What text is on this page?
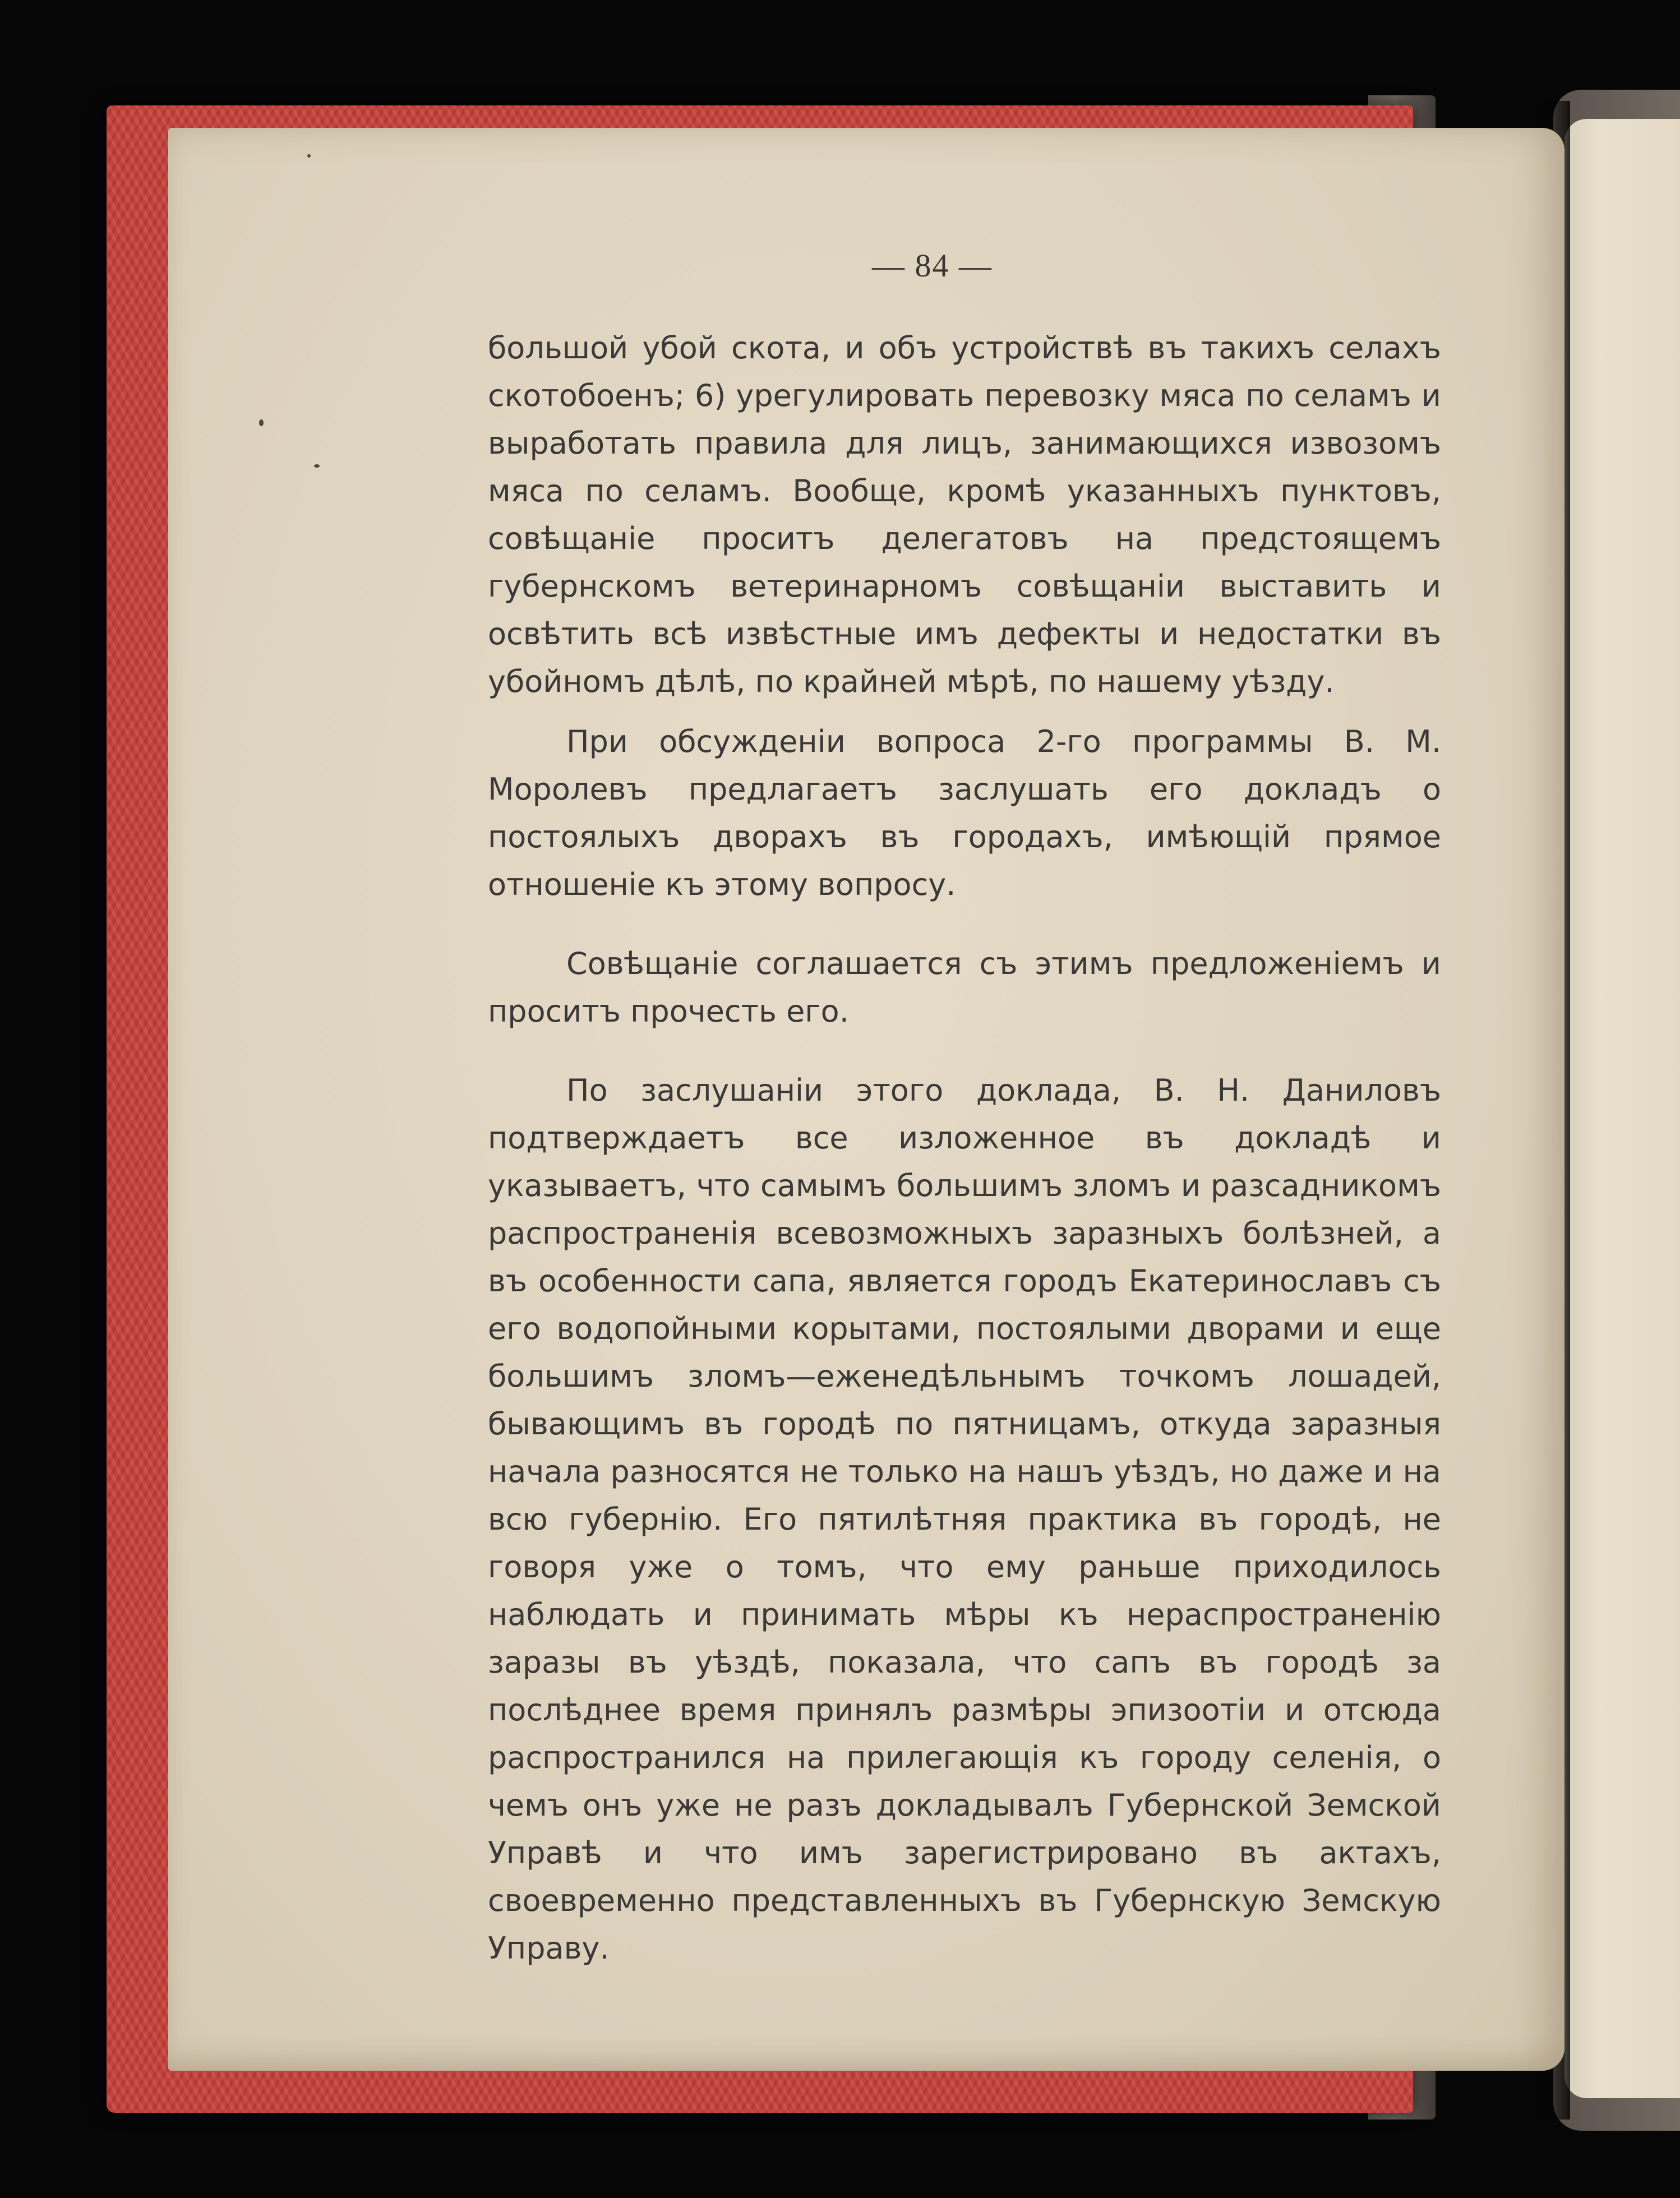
— 84 —

большой убой скота, и объ устройствѣ въ такихъ селахъ скотобоенъ; 6) урегулировать перевозку мяса по селамъ и выработать правила для лицъ, занимающихся извозомъ мяса по селамъ. Вообще, кромѣ указанныхъ пунктовъ, совѣщаніе проситъ делегатовъ на предстоящемъ губернскомъ ветеринарномъ совѣщаніи выставить и освѣтить всѣ извѣстные имъ дефекты и недостатки въ убойномъ дѣлѣ, по крайней мѣрѣ, по нашему уѣзду.

При обсужденіи вопроса 2-го программы В. М. Моролевъ предлагаетъ заслушать его докладъ о постоялыхъ дворахъ въ городахъ, имѣющій прямое отношеніе къ этому вопросу.

Совѣщаніе соглашается съ этимъ предложеніемъ и проситъ прочесть его.

По заслушаніи этого доклада, В. Н. Даниловъ подтверждаетъ все изложенное въ докладѣ и указываетъ, что самымъ большимъ зломъ и разсадникомъ распространенія всевозможныхъ заразныхъ болѣзней, а въ особенности сапа, является городъ Екатеринославъ съ его водопойными корытами, постоялыми дворами и еще большимъ зломъ—еженедѣльнымъ точкомъ лошадей, бывающимъ въ городѣ по пятницамъ, откуда заразныя начала разносятся не только на нашъ уѣздъ, но даже и на всю губернію. Его пятилѣтняя практика въ городѣ, не говоря уже о томъ, что ему раньше приходилось наблюдать и принимать мѣры къ нераспространенію заразы въ уѣздѣ, показала, что сапъ въ городѣ за послѣднее время принялъ размѣры эпизоотіи и отсюда распространился на прилегающія къ городу селенія, о чемъ онъ уже не разъ докладывалъ Губернской Земской Управѣ и что имъ зарегистрировано въ актахъ, своевременно представленныхъ въ Губернскую Земскую Управу.
